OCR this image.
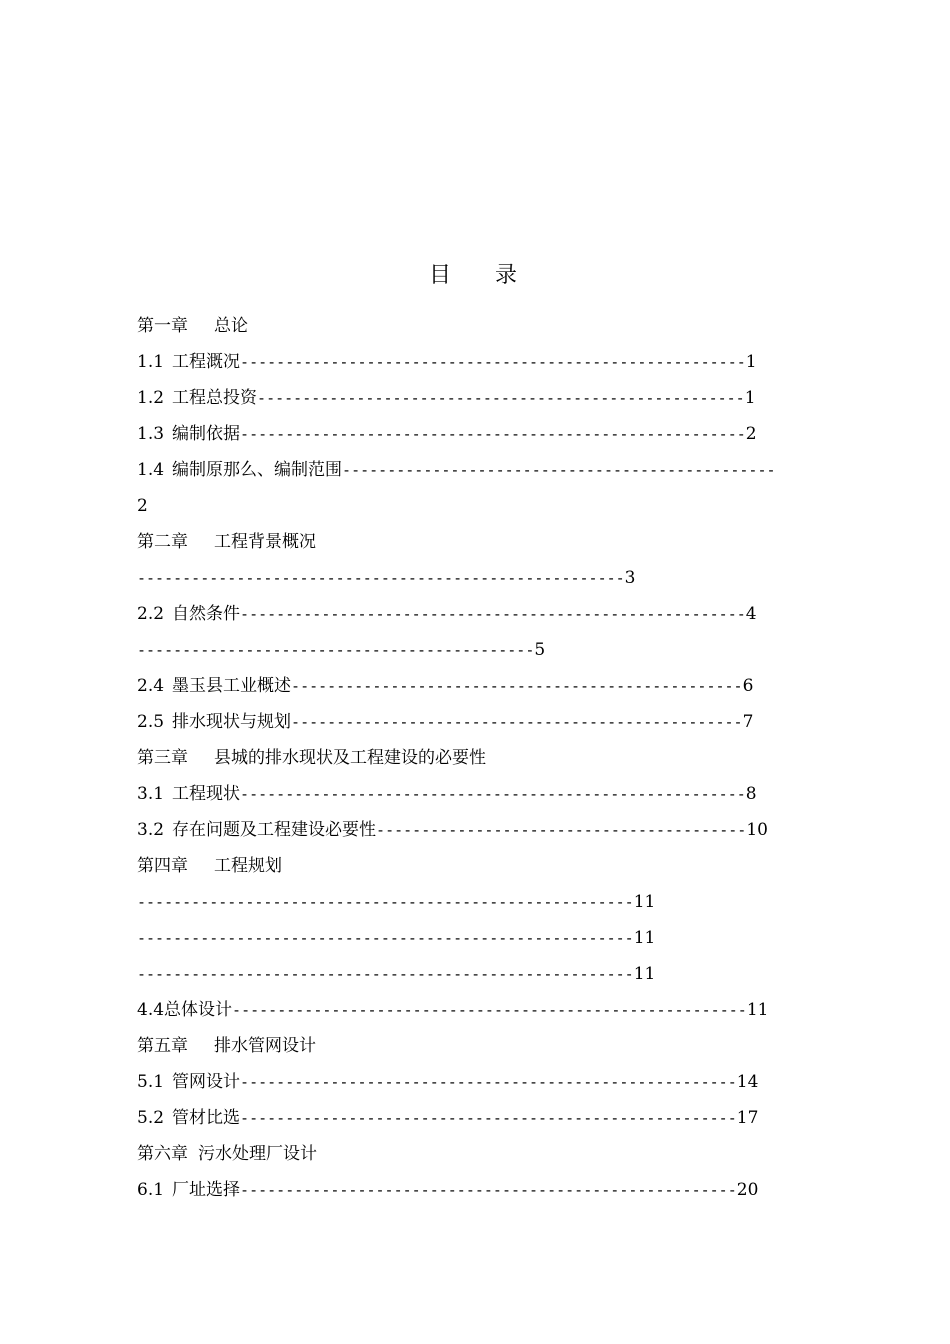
目录
第一章 总论
1.1 工程溉况--------------------------------------------------------1
1.2 工程总投资------------------------------------------------------1
1.3 编制依据--------------------------------------------------------2
1.4 编制原那么、编制范围------------------------------------------------
2
第二章 工程背景概况
------------------------------------------------------3
2.2 自然条件--------------------------------------------------------4
--------------------------------------------5
2.4 墨玉县工业概述--------------------------------------------------6
2.5 排水现状与规划--------------------------------------------------7
第三章 县城的排水现状及工程建设的必要性
3.1 工程现状--------------------------------------------------------8
3.2 存在问题及工程建设必要性-----------------------------------------10
第四章 工程规划
-------------------------------------------------------11
-------------------------------------------------------11
-------------------------------------------------------11
4.4总体设计---------------------------------------------------------11
第五章 排水管网设计
5.1 管网设计-------------------------------------------------------14
5.2 管材比选-------------------------------------------------------17
第六章 污水处理厂设计
6.1 厂址选择-------------------------------------------------------20
